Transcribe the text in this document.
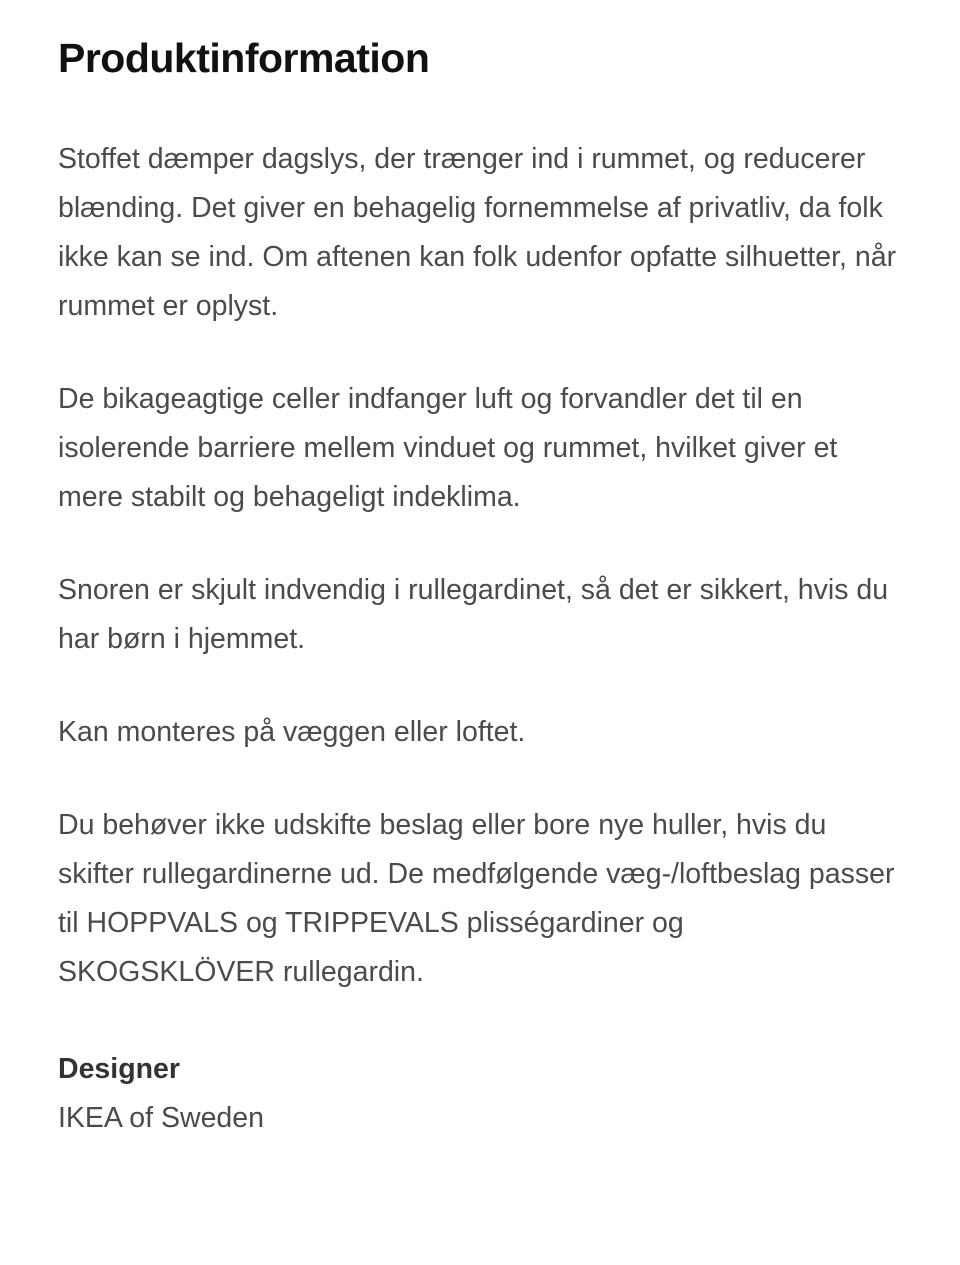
Produktinformation

Stoffet dæmper dagslys, der trænger ind i rummet, og reducerer blænding. Det giver en behagelig fornemmelse af privatliv, da folk ikke kan se ind. Om aftenen kan folk udenfor opfatte silhuetter, når rummet er oplyst.

De bikageagtige celler indfanger luft og forvandler det til en isolerende barriere mellem vinduet og rummet, hvilket giver et mere stabilt og behageligt indeklima.

Snoren er skjult indvendig i rullegardinet, så det er sikkert, hvis du har børn i hjemmet.

Kan monteres på væggen eller loftet.

Du behøver ikke udskifte beslag eller bore nye huller, hvis du skifter rullegardinerne ud. De medfølgende væg-/loftbeslag passer til HOPPVALS og TRIPPEVALS plisségardiner og SKOGSKLÖVER rullegardin.

Designer

IKEA of Sweden
